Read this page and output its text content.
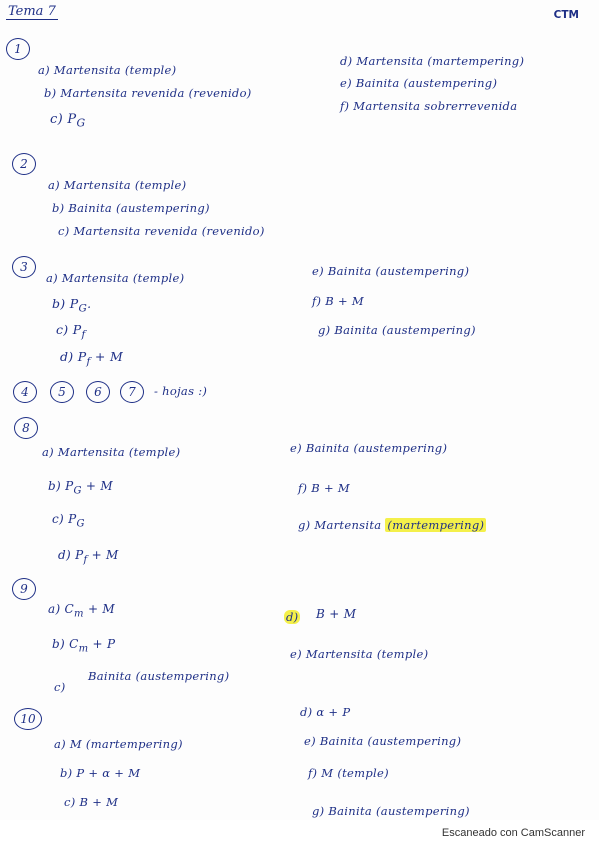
Tema 7	CTM
1
a) Martensita (temple)
b) Martensita revenida (revenido)
c) $P_G$
d) Martensita (martempering)
e) Bainita (austempering)
f) Martensita sobrerrevenida
2
a) Martensita (temple)
b) Bainita (austempering)
c) Martensita revenida (revenido)
3
a) Martensita (temple)
b) $P_G$.
c) $P_f$
d) $P_f + M$
e) Bainita (austempering)
f) B + M
g) Bainita (austempering)
4	5	6	7	- hojas :)
8
a) Martensita (temple)
b) $P_G + M$
c) $P_G$
d) $P_f + M$
e) Bainita (austempering)
f) B + M
g) Martensita (martempering)
9
a) $C_m + M$
b) $C_m + P$
c)
Bainita (austempering)
d) B + M
e) Martensita (temple)
10
a) M (martempering)
b) P + α + M
c) B + M
d) α + P
e) Bainita (austempering)
f) M (temple)
g) Bainita (austempering)
Escaneado con CamScanner
